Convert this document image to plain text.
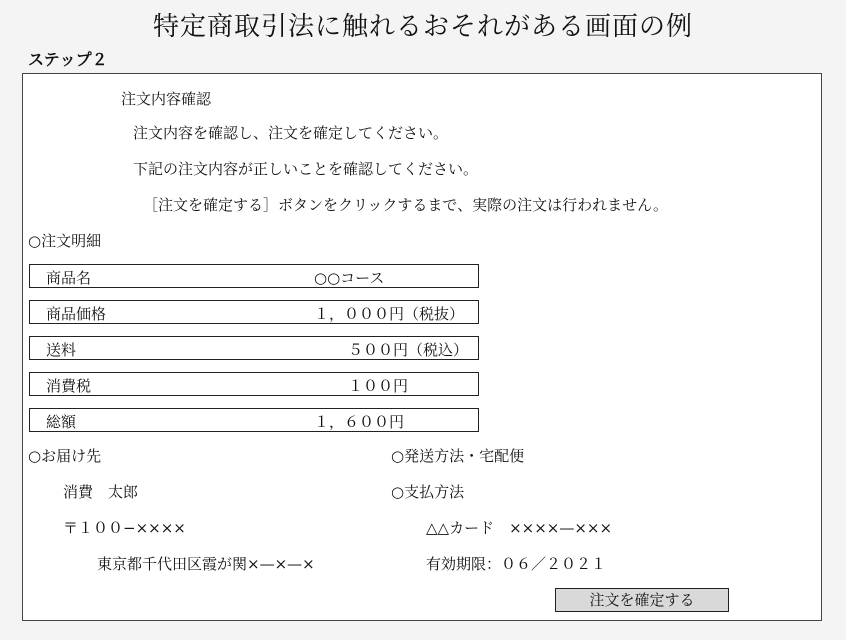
特定商取引法に触れるおそれがある画面の例
ステップ２
注文内容確認
注文内容を確認し、注文を確定してください。
下記の注文内容が正しいことを確認してください。
［注文を確定する］ボタンをクリックするまで、実際の注文は行われません。
○注文明細
商品名	○○コース
商品価格	１，０００円（税抜）
送料	５００円（税込）
消費税	１００円
総額	１，６００円
○お届け先
消費　太郎
〒１００−××××
東京都千代田区霞が関×—×—×
○発送方法・宅配便
○支払方法
△△カード　××××—×××
有効期限：０６／２０２１
注文を確定する
